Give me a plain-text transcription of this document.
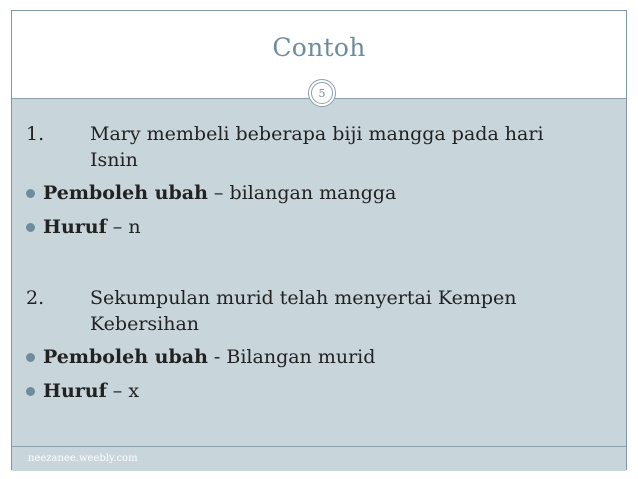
Contoh
5
1. Mary membeli beberapa biji mangga pada hari
Isnin
Pemboleh ubah – bilangan mangga
Huruf – n
2. Sekumpulan murid telah menyertai Kempen
Kebersihan
Pemboleh ubah - Bilangan murid
Huruf – x
neezanee.weebly.com
